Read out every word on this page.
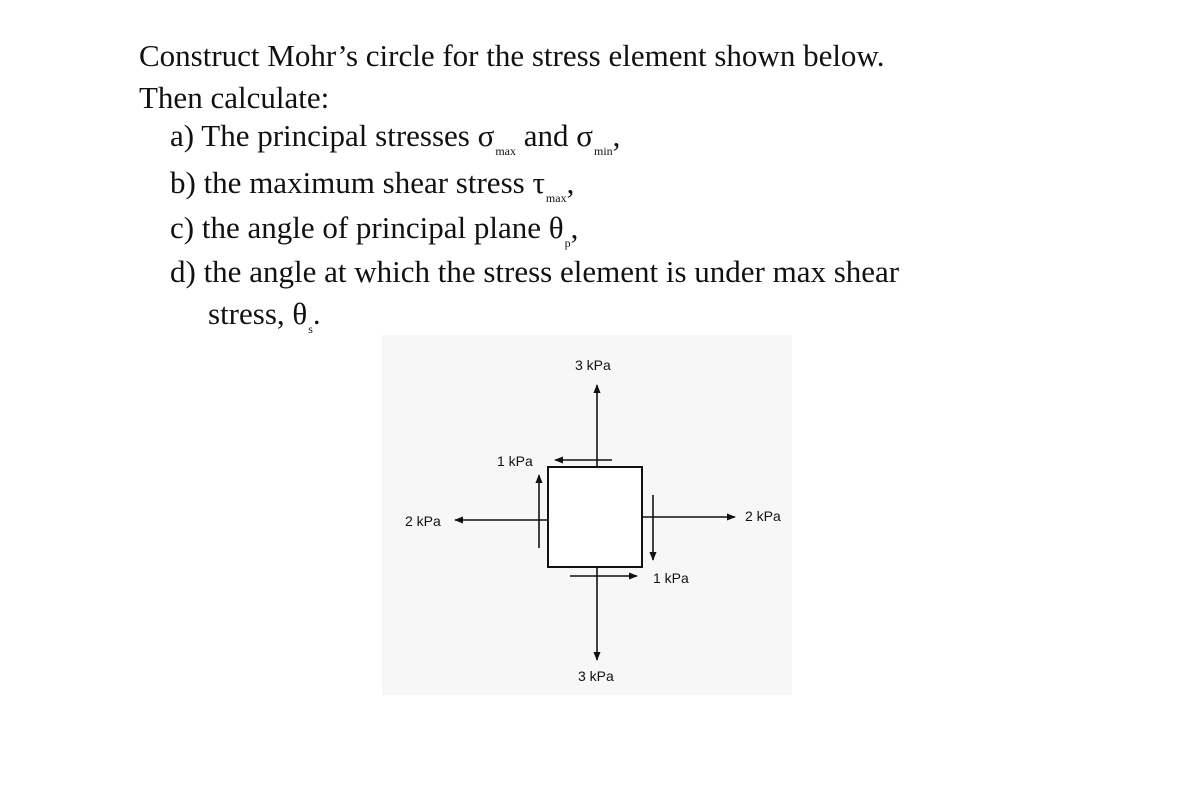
Construct Mohr’s circle for the stress element shown below.
Then calculate:
a) The principal stresses $\sigma_{max}$ and $\sigma_{min}$,
b) the maximum shear stress $\tau_{max}$,
c) the angle of principal plane $\theta_p$,
d) the angle at which the stress element is under max shear
stress, $\theta_s$.
3 kPa
3 kPa
2 kPa	2 kPa
1 kPa
1 kPa
